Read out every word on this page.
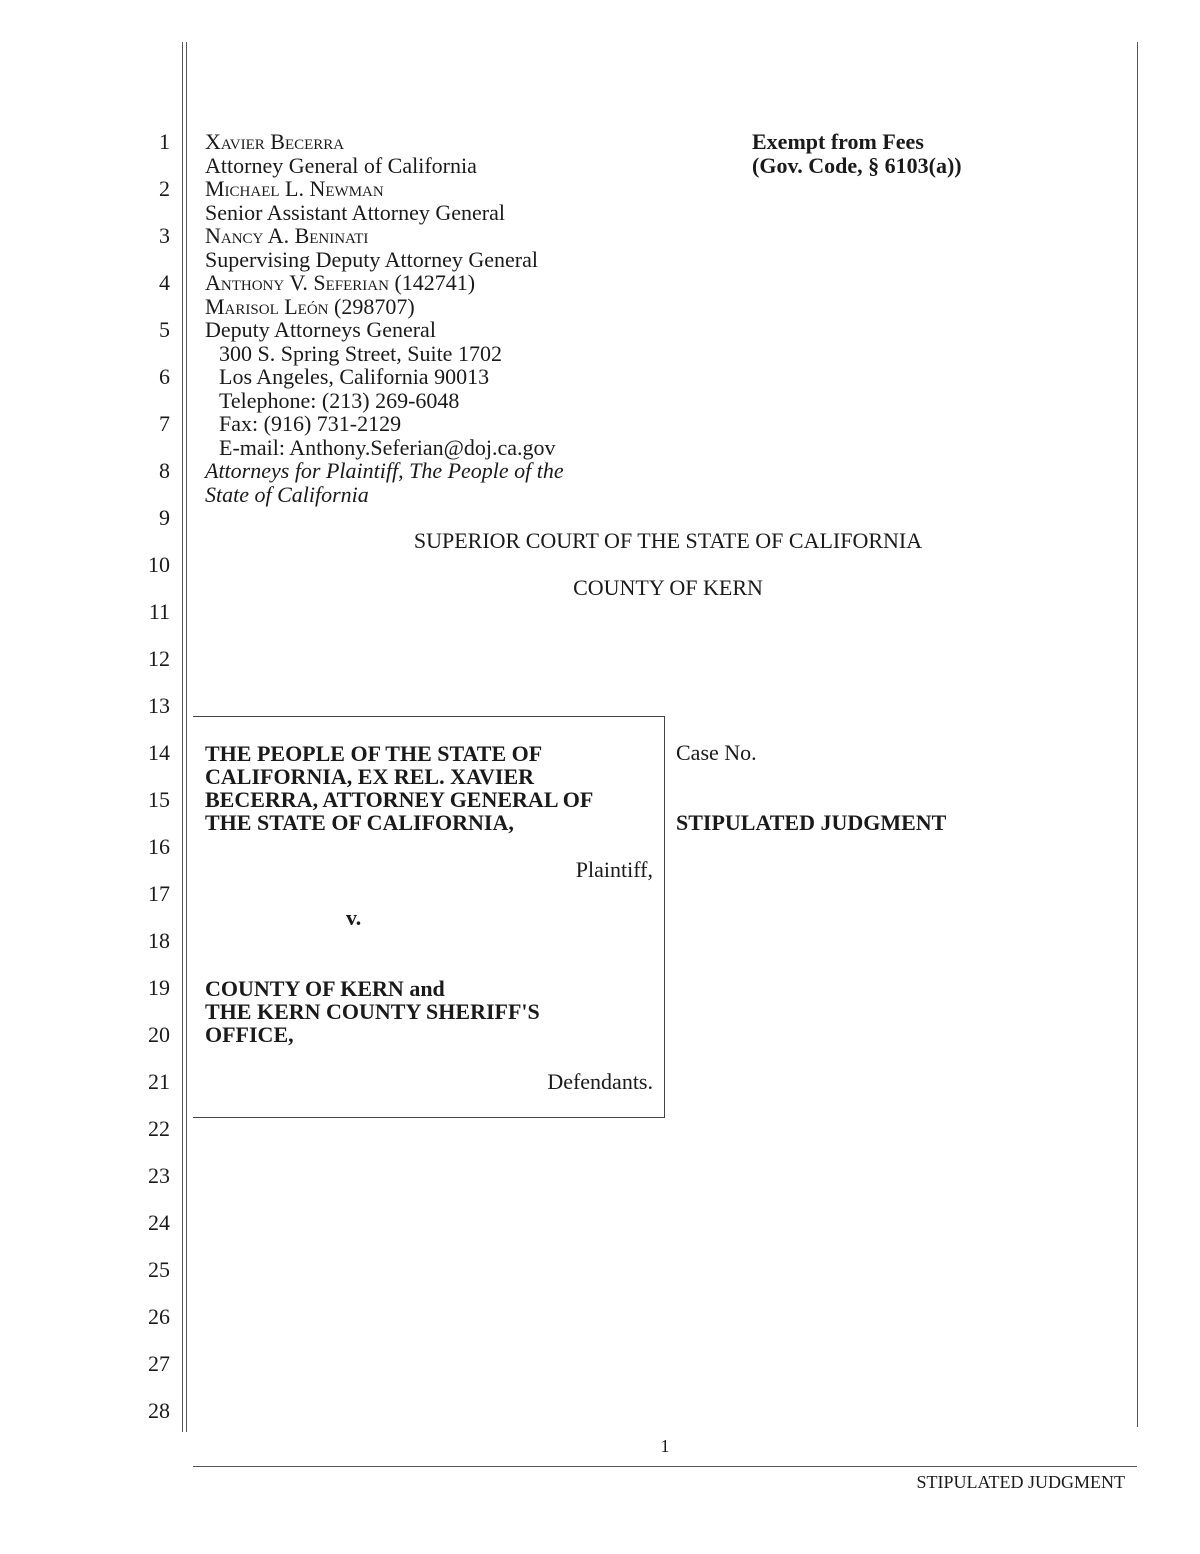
1
2
3
4
5
6
7
8
9
10
11
12
13
14
15
16
17
18
19
20
21
22
23
24
25
26
27
28
Xavier Becerra
Attorney General of California
Michael L. Newman
Senior Assistant Attorney General
Nancy A. Beninati
Supervising Deputy Attorney General
Anthony V. Seferian (142741)
Marisol León (298707)
Deputy Attorneys General
300 S. Spring Street, Suite 1702
Los Angeles, California 90013
Telephone: (213) 269-6048
Fax: (916) 731-2129
E-mail: Anthony.Seferian@doj.ca.gov
Attorneys for Plaintiff, The People of the
State of California
Exempt from Fees
(Gov. Code, § 6103(a))
SUPERIOR COURT OF THE STATE OF CALIFORNIA
COUNTY OF KERN
THE PEOPLE OF THE STATE OF
CALIFORNIA, EX REL. XAVIER
BECERRA, ATTORNEY GENERAL OF
THE STATE OF CALIFORNIA,
Plaintiff,
v.
COUNTY OF KERN and
THE KERN COUNTY SHERIFF'S
OFFICE,
Defendants.
Case No.
STIPULATED JUDGMENT
1
STIPULATED JUDGMENT
